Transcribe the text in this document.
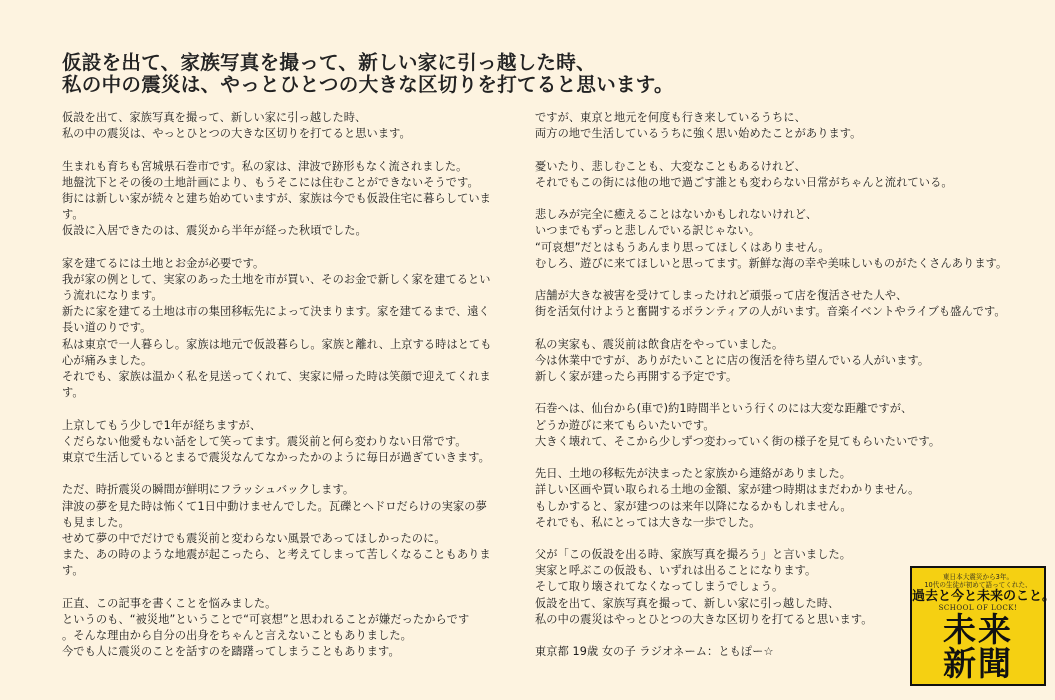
仮設を出て、家族写真を撮って、新しい家に引っ越した時、
私の中の震災は、やっとひとつの大きな区切りを打てると思います。
仮設を出て、家族写真を撮って、新しい家に引っ越した時、
私の中の震災は、やっとひとつの大きな区切りを打てると思います。
生まれも育ちも宮城県石巻市です。私の家は、津波で跡形もなく流されました。
地盤沈下とその後の土地計画により、もうそこには住むことができないそうです。
街には新しい家が続々と建ち始めていますが、家族は今でも仮設住宅に暮らしていま
す。
仮設に入居できたのは、震災から半年が経った秋頃でした。
家を建てるには土地とお金が必要です。
我が家の例として、実家のあった土地を市が買い、そのお金で新しく家を建てるとい
う流れになります。
新たに家を建てる土地は市の集団移転先によって決まります。家を建てるまで、遠く
長い道のりです。
私は東京で一人暮らし。家族は地元で仮設暮らし。家族と離れ、上京する時はとても
心が痛みました。
それでも、家族は温かく私を見送ってくれて、実家に帰った時は笑顔で迎えてくれま
す。
上京してもう少しで1年が経ちますが、
くだらない他愛もない話をして笑ってます。震災前と何ら変わりない日常です。
東京で生活しているとまるで震災なんてなかったかのように毎日が過ぎていきます。
ただ、時折震災の瞬間が鮮明にフラッシュバックします。
津波の夢を見た時は怖くて1日中動けませんでした。瓦礫とヘドロだらけの実家の夢
も見ました。
せめて夢の中でだけでも震災前と変わらない風景であってほしかったのに。
また、あの時のような地震が起こったら、と考えてしまって苦しくなることもありま
す。
正直、この記事を書くことを悩みました。
というのも、“被災地”ということで“可哀想”と思われることが嫌だったからです
。そんな理由から自分の出身をちゃんと言えないこともありました。
今でも人に震災のことを話すのを躊躇ってしまうこともあります。
ですが、東京と地元を何度も行き来しているうちに、
両方の地で生活しているうちに強く思い始めたことがあります。
憂いたり、悲しむことも、大変なこともあるけれど、
それでもこの街には他の地で過ごす誰とも変わらない日常がちゃんと流れている。
悲しみが完全に癒えることはないかもしれないけれど、
いつまでもずっと悲しんでいる訳じゃない。
“可哀想”だとはもうあんまり思ってほしくはありません。
むしろ、遊びに来てほしいと思ってます。新鮮な海の幸や美味しいものがたくさんあります。
店舗が大きな被害を受けてしまったけれど頑張って店を復活させた人や、
街を活気付けようと奮闘するボランティアの人がいます。音楽イベントやライブも盛んです。
私の実家も、震災前は飲食店をやっていました。
今は休業中ですが、ありがたいことに店の復活を待ち望んでいる人がいます。
新しく家が建ったら再開する予定です。
石巻へは、仙台から(車で)約1時間半という行くのには大変な距離ですが、
どうか遊びに来てもらいたいです。
大きく壊れて、そこから少しずつ変わっていく街の様子を見てもらいたいです。
先日、土地の移転先が決まったと家族から連絡がありました。
詳しい区画や買い取られる土地の金額、家が建つ時期はまだわかりません。
もしかすると、家が建つのは来年以降になるかもしれません。
それでも、私にとっては大きな一歩でした。
父が「この仮設を出る時、家族写真を撮ろう」と言いました。
実家と呼ぶこの仮設も、いずれは出ることになります。
そして取り壊されてなくなってしまうでしょう。
仮設を出て、家族写真を撮って、新しい家に引っ越した時、
私の中の震災はやっとひとつの大きな区切りを打てると思います。
東京都 19歳 女の子 ラジオネーム：ともぽー☆
東日本大震災から3年。
10代の生徒が初めて語ってくれた、
過去と今と未来のこと。
SCHOOL OF LOCK!
未来
新聞
